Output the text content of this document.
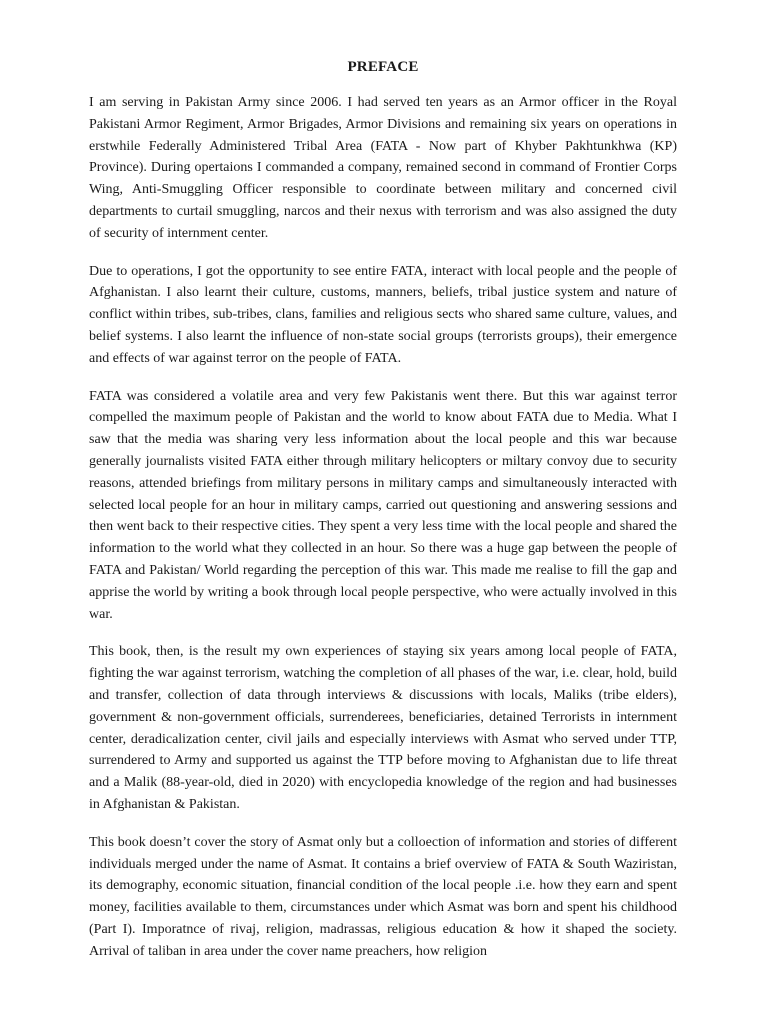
PREFACE

I am serving in Pakistan Army since 2006. I had served ten years as an Armor officer in the Royal Pakistani Armor Regiment, Armor Brigades, Armor Divisions and remaining six years on operations in erstwhile Federally Administered Tribal Area (FATA - Now part of Khyber Pakhtunkhwa (KP) Province). During opertaions I commanded a company, remained second in command of Frontier Corps Wing, Anti-Smuggling Officer responsible to coordinate between military and concerned civil departments to curtail smuggling, narcos and their nexus with terrorism and was also assigned the duty of security of internment center.

Due to operations, I got the opportunity to see entire FATA, interact with local people and the people of Afghanistan. I also learnt their culture, customs, manners, beliefs, tribal justice system and nature of conflict within tribes, sub-tribes, clans, families and religious sects who shared same culture, values, and belief systems. I also learnt the influence of non-state social groups (terrorists groups), their emergence and effects of war against terror on the people of FATA.

FATA was considered a volatile area and very few Pakistanis went there. But this war against terror compelled the maximum people of Pakistan and the world to know about FATA due to Media. What I saw that the media was sharing very less information about the local people and this war because generally journalists visited FATA either through military helicopters or miltary convoy due to security reasons, attended briefings from military persons in military camps and simultaneously interacted with selected local people for an hour in military camps, carried out questioning and answering sessions and then went back to their respective cities. They spent a very less time with the local people and shared the information to the world what they collected in an hour. So there was a huge gap between the people of FATA and Pakistan/ World regarding the perception of this war. This made me realise to fill the gap and apprise the world by writing a book through local people perspective, who were actually involved in this war.

This book, then, is the result my own experiences of staying six years among local people of FATA, fighting the war against terrorism, watching the completion of all phases of the war, i.e. clear, hold, build and transfer, collection of data through interviews & discussions with locals, Maliks (tribe elders), government & non-government officials, surrenderees, beneficiaries, detained Terrorists in internment center, deradicalization center, civil jails and especially interviews with Asmat who served under TTP, surrendered to Army and supported us against the TTP before moving to Afghanistan due to life threat and a Malik (88-year-old, died in 2020) with encyclopedia knowledge of the region and had businesses in Afghanistan & Pakistan.

This book doesn’t cover the story of Asmat only but a colloection of information and stories of different individuals merged under the name of Asmat. It contains a brief overview of FATA & South Waziristan, its demography, economic situation, financial condition of the local people .i.e. how they earn and spent money, facilities available to them, circumstances under which Asmat was born and spent his childhood (Part I). Imporatnce of rivaj, religion, madrassas, religious education & how it shaped the society. Arrival of taliban in area under the cover name preachers, how religion
